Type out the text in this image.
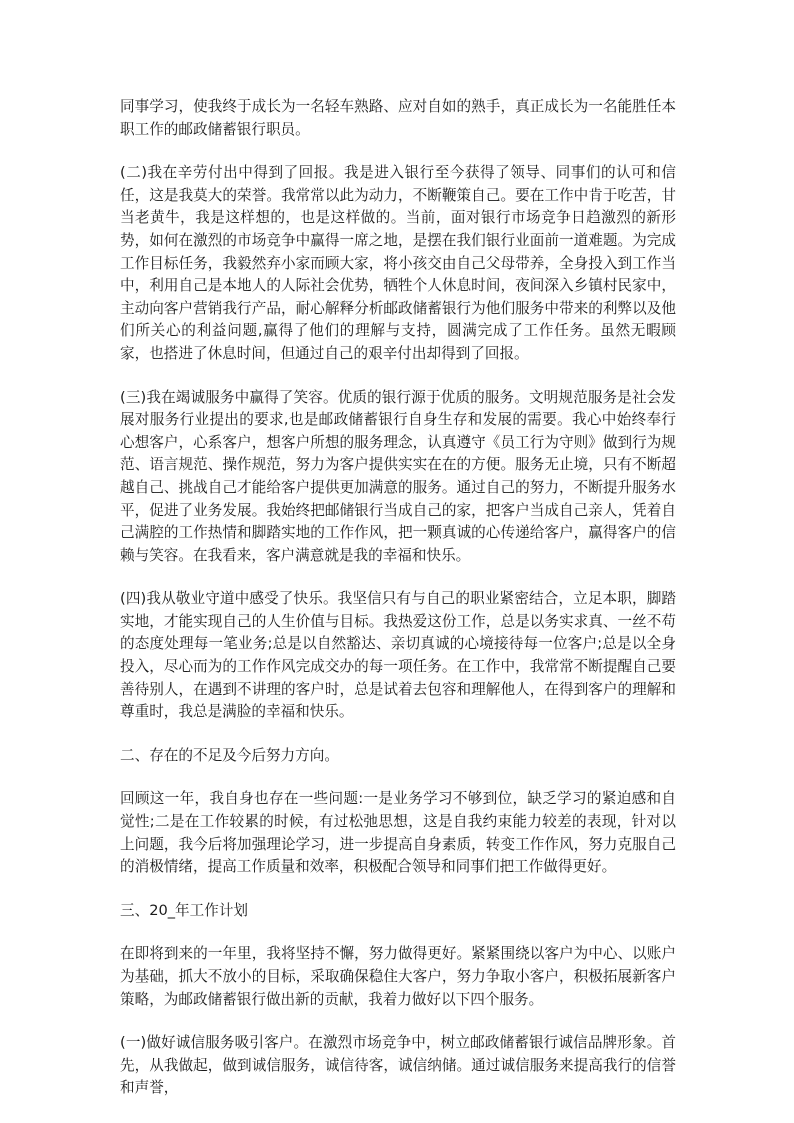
同事学习，使我终于成长为一名轻车熟路、应对自如的熟手，真正成长为一名能胜任本职工作的邮政储蓄银行职员。

(二)我在辛劳付出中得到了回报。我是进入银行至今获得了领导、同事们的认可和信任，这是我莫大的荣誉。我常常以此为动力，不断鞭策自己。要在工作中肯于吃苦，甘当老黄牛，我是这样想的，也是这样做的。当前，面对银行市场竞争日趋激烈的新形势，如何在激烈的市场竞争中赢得一席之地，是摆在我们银行业面前一道难题。为完成工作目标任务，我毅然弃小家而顾大家，将小孩交由自己父母带养，全身投入到工作当中，利用自己是本地人的人际社会优势，牺牲个人休息时间，夜间深入乡镇村民家中，主动向客户营销我行产品，耐心解释分析邮政储蓄银行为他们服务中带来的利弊以及他们所关心的利益问题,赢得了他们的理解与支持，圆满完成了工作任务。虽然无暇顾家，也搭进了休息时间，但通过自己的艰辛付出却得到了回报。

(三)我在竭诚服务中赢得了笑容。优质的银行源于优质的服务。文明规范服务是社会发展对服务行业提出的要求,也是邮政储蓄银行自身生存和发展的需要。我心中始终奉行心想客户，心系客户，想客户所想的服务理念，认真遵守《员工行为守则》做到行为规范、语言规范、操作规范，努力为客户提供实实在在的方便。服务无止境，只有不断超越自己、挑战自己才能给客户提供更加满意的服务。通过自己的努力，不断提升服务水平，促进了业务发展。我始终把邮储银行当成自己的家，把客户当成自己亲人，凭着自己满腔的工作热情和脚踏实地的工作作风，把一颗真诚的心传递给客户，赢得客户的信赖与笑容。在我看来，客户满意就是我的幸福和快乐。

(四)我从敬业守道中感受了快乐。我坚信只有与自己的职业紧密结合，立足本职，脚踏实地，才能实现自己的人生价值与目标。我热爱这份工作，总是以务实求真、一丝不苟的态度处理每一笔业务;总是以自然豁达、亲切真诚的心境接待每一位客户;总是以全身投入，尽心而为的工作作风完成交办的每一项任务。在工作中，我常常不断提醒自己要善待别人，在遇到不讲理的客户时，总是试着去包容和理解他人，在得到客户的理解和尊重时，我总是满脸的幸福和快乐。

二、存在的不足及今后努力方向。

回顾这一年，我自身也存在一些问题:一是业务学习不够到位，缺乏学习的紧迫感和自觉性;二是在工作较累的时候，有过松弛思想，这是自我约束能力较差的表现，针对以上问题，我今后将加强理论学习，进一步提高自身素质，转变工作作风，努力克服自己的消极情绪，提高工作质量和效率，积极配合领导和同事们把工作做得更好。

三、20_年工作计划

在即将到来的一年里，我将坚持不懈，努力做得更好。紧紧围绕以客户为中心、以账户为基础，抓大不放小的目标，采取确保稳住大客户，努力争取小客户，积极拓展新客户策略，为邮政储蓄银行做出新的贡献，我着力做好以下四个服务。

(一)做好诚信服务吸引客户。在激烈市场竞争中，树立邮政储蓄银行诚信品牌形象。首先，从我做起，做到诚信服务，诚信待客，诚信纳储。通过诚信服务来提高我行的信誉和声誉，
